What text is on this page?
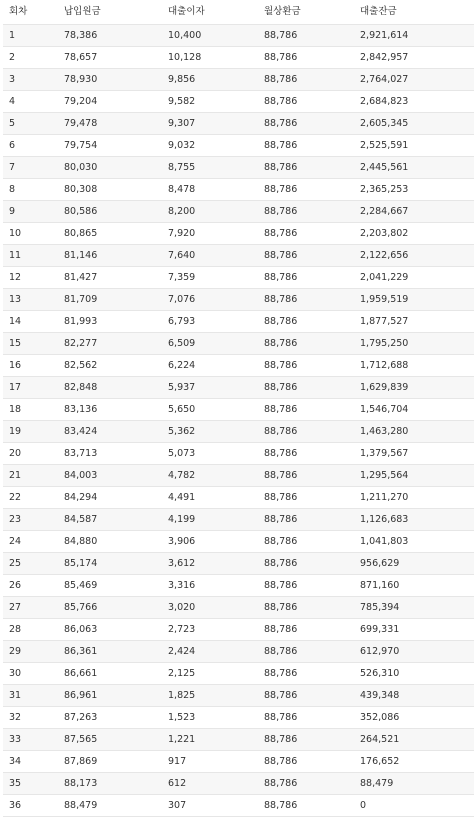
회차	납입원금	대출이자	월상환금	대출잔금
1	78,386	10,400	88,786	2,921,614
2	78,657	10,128	88,786	2,842,957
3	78,930	9,856	88,786	2,764,027
4	79,204	9,582	88,786	2,684,823
5	79,478	9,307	88,786	2,605,345
6	79,754	9,032	88,786	2,525,591
7	80,030	8,755	88,786	2,445,561
8	80,308	8,478	88,786	2,365,253
9	80,586	8,200	88,786	2,284,667
10	80,865	7,920	88,786	2,203,802
11	81,146	7,640	88,786	2,122,656
12	81,427	7,359	88,786	2,041,229
13	81,709	7,076	88,786	1,959,519
14	81,993	6,793	88,786	1,877,527
15	82,277	6,509	88,786	1,795,250
16	82,562	6,224	88,786	1,712,688
17	82,848	5,937	88,786	1,629,839
18	83,136	5,650	88,786	1,546,704
19	83,424	5,362	88,786	1,463,280
20	83,713	5,073	88,786	1,379,567
21	84,003	4,782	88,786	1,295,564
22	84,294	4,491	88,786	1,211,270
23	84,587	4,199	88,786	1,126,683
24	84,880	3,906	88,786	1,041,803
25	85,174	3,612	88,786	956,629
26	85,469	3,316	88,786	871,160
27	85,766	3,020	88,786	785,394
28	86,063	2,723	88,786	699,331
29	86,361	2,424	88,786	612,970
30	86,661	2,125	88,786	526,310
31	86,961	1,825	88,786	439,348
32	87,263	1,523	88,786	352,086
33	87,565	1,221	88,786	264,521
34	87,869	917	88,786	176,652
35	88,173	612	88,786	88,479
36	88,479	307	88,786	0
